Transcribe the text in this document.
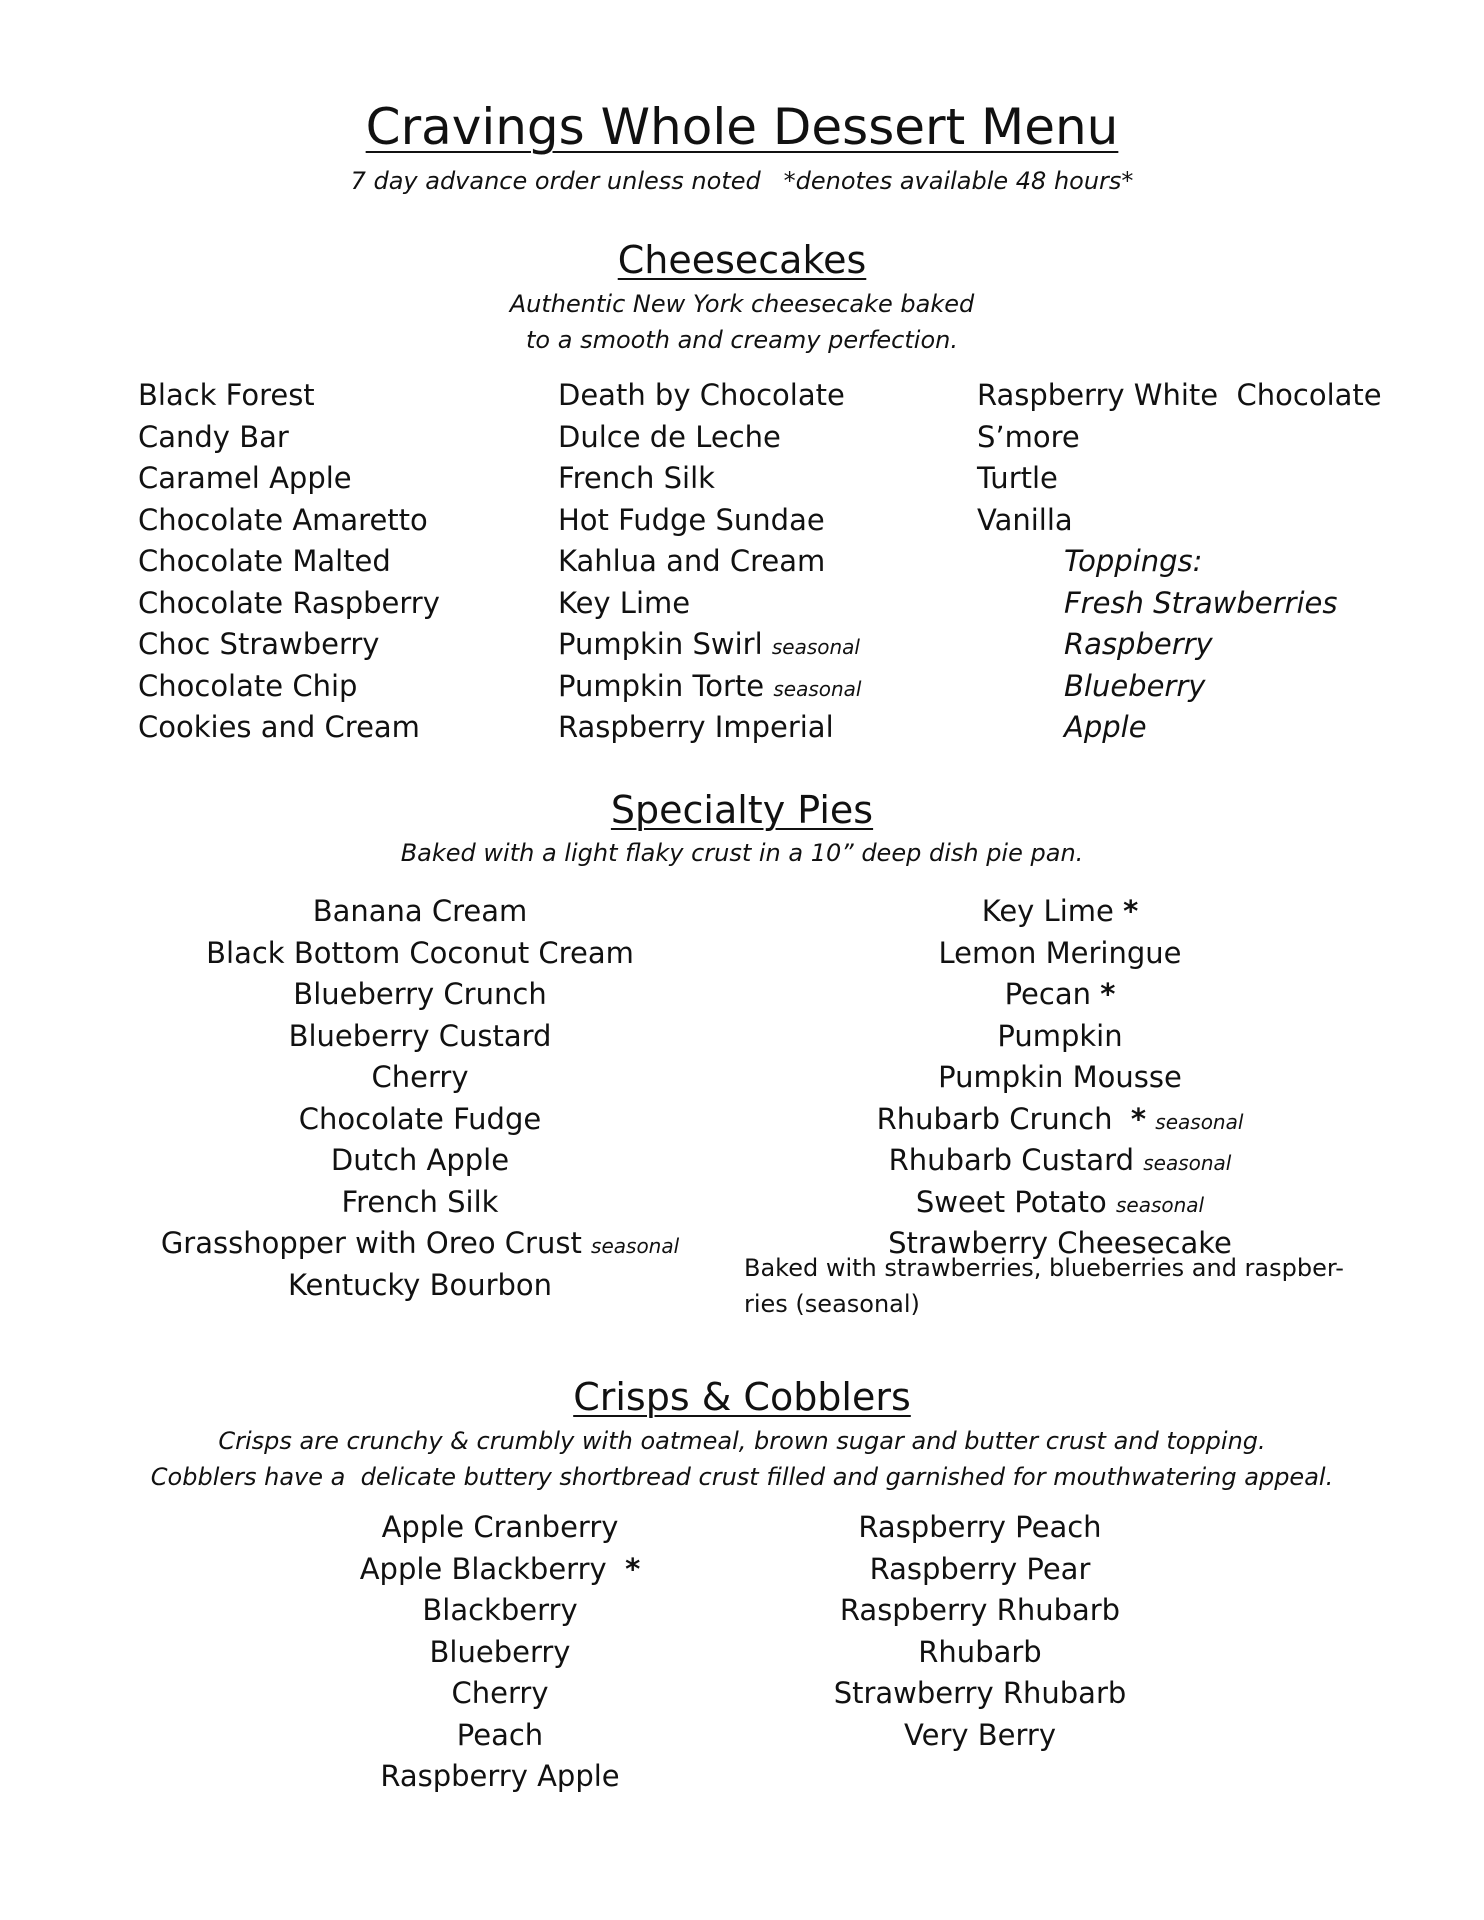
Cravings Whole Dessert Menu
7 day advance order unless noted   *denotes available 48 hours*
Cheesecakes
Authentic New York cheesecake baked
to a smooth and creamy perfection.
Black Forest
Candy Bar
Caramel Apple
Chocolate Amaretto
Chocolate Malted
Chocolate Raspberry
Choc Strawberry
Chocolate Chip
Cookies and Cream
Death by Chocolate
Dulce de Leche
French Silk
Hot Fudge Sundae
Kahlua and Cream
Key Lime
Pumpkin Swirl seasonal
Pumpkin Torte seasonal
Raspberry Imperial
Raspberry White  Chocolate
S’more
Turtle
Vanilla
Toppings:
Fresh Strawberries
Raspberry
Blueberry
Apple
Specialty Pies
Baked with a light flaky crust in a 10” deep dish pie pan.
Banana Cream
Black Bottom Coconut Cream
Blueberry Crunch
Blueberry Custard
Cherry
Chocolate Fudge
Dutch Apple
French Silk
Grasshopper with Oreo Crust seasonal
Kentucky Bourbon
Key Lime *
Lemon Meringue
Pecan *
Pumpkin
Pumpkin Mousse
Rhubarb Crunch * seasonal
Rhubarb Custard seasonal
Sweet Potato seasonal
Strawberry Cheesecake
Baked with strawberries, blueberries and raspber-ries (seasonal)
Crisps & Cobblers
Crisps are crunchy & crumbly with oatmeal, brown sugar and butter crust and topping.
Cobblers have a  delicate buttery shortbread crust filled and garnished for mouthwatering appeal.
Apple Cranberry
Apple Blackberry *
Blackberry
Blueberry
Cherry
Peach
Raspberry Apple
Raspberry Peach
Raspberry Pear
Raspberry Rhubarb
Rhubarb
Strawberry Rhubarb
Very Berry
